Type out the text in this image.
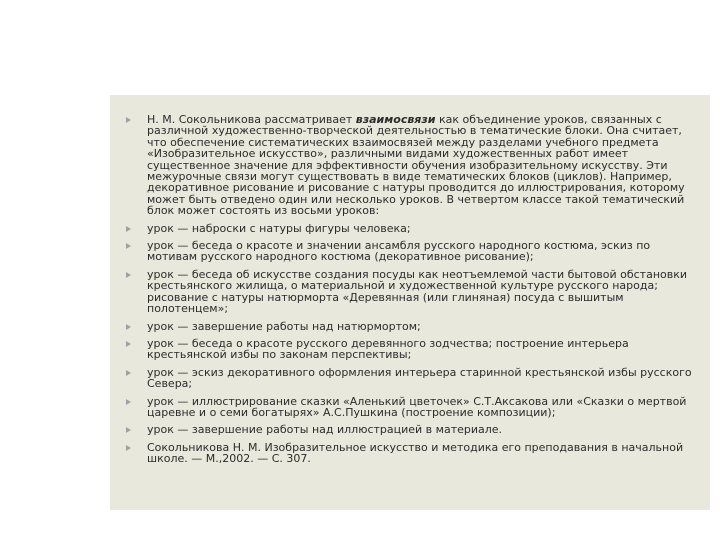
Н. М. Сокольникова рассматривает взаимосвязи как объединение уроков, связанных с различной художественно-творческой деятельностью в тематические блоки. Она считает, что обеспечение систематических взаимосвязей между разделами учебного предмета «Изобразительное искусство», различными видами художественных работ имеет существенное значение для эффективности обучения изобразительному искусству. Эти межурочные связи могут существовать в виде тематических блоков (циклов). Например, декоративное рисование и рисование с натуры проводится до иллюстрирования, которому может быть отведено один или несколько уроков. В четвертом классе такой тематический блок может состоять из восьми уроков:
урок — наброски с натуры фигуры человека;
урок — беседа о красоте и значении ансамбля русского народного костюма, эскиз по мотивам русского народного костюма (декоративное рисование);
урок — беседа об искусстве создания посуды как неотъемлемой части бытовой обстановки крестьянского жилища, о материальной и художественной культуре русского народа; рисование с натуры натюрморта «Деревянная (или глиняная) посуда с вышитым полотенцем»;
урок — завершение работы над натюрмортом;
урок — беседа о красоте русского деревянного зодчества; построение интерьера крестьянской избы по законам перспективы;
урок — эскиз декоративного оформления интерьера старинной крестьянской избы русского Севера;
урок — иллюстрирование сказки «Аленький цветочек» С.Т.Аксакова или «Сказки о мертвой царевне и о семи богатырях» А.С.Пушкина (построение композиции);
урок — завершение работы над иллюстрацией в материале.
Сокольникова Н. М. Изобразительное искусство и методика его преподавания в начальной школе. — М.,2002. — С. 307.
